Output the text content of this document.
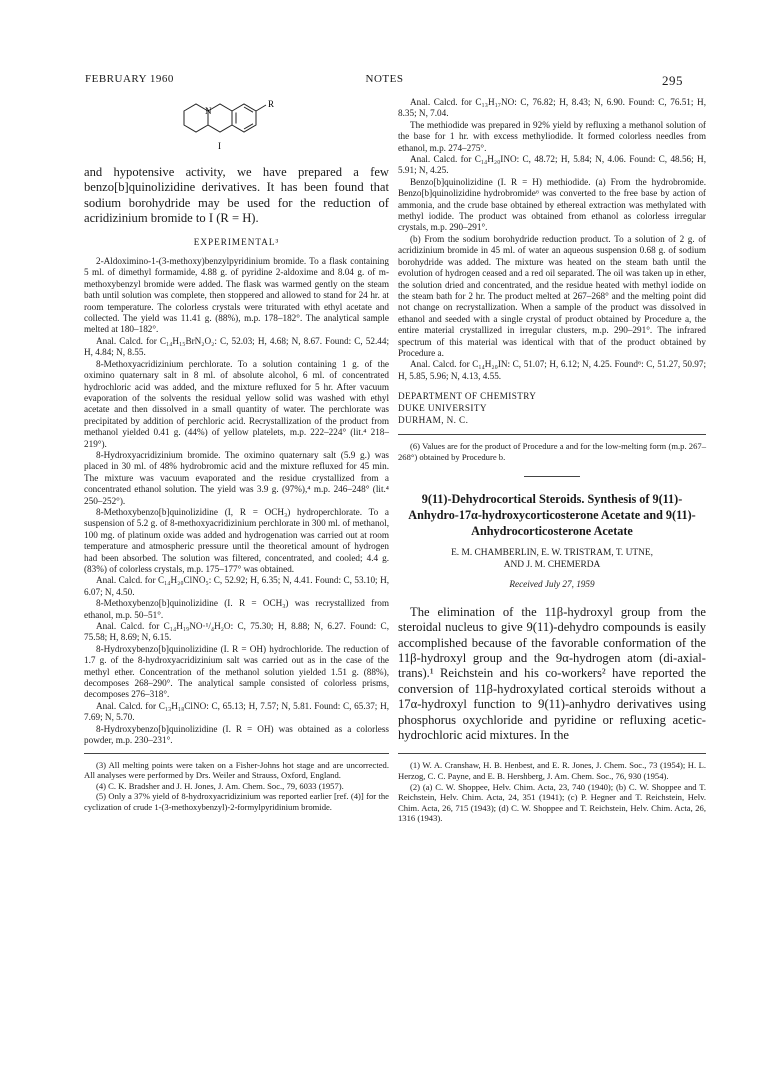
FEBRUARY 1960	NOTES	295
N
R
I

and hypotensive activity, we have prepared a few benzo[b]quinolizidine derivatives. It has been found that sodium borohydride may be used for the reduction of acridizinium bromide to I (R = H).

EXPERIMENTAL³

2-Aldoximino-1-(3-methoxy)benzylpyridinium bromide. To a flask containing 5 ml. of dimethyl formamide, 4.88 g. of pyridine 2-aldoxime and 8.04 g. of m-methoxybenzyl bromide were added. The flask was warmed gently on the steam bath until solution was complete, then stoppered and allowed to stand for 24 hr. at room temperature. The colorless crystals were triturated with ethyl acetate and collected. The yield was 11.41 g. (88%), m.p. 178–182°. The analytical sample melted at 180–182°.

Anal. Calcd. for C₁₄H₁₅BrN₂O₂: C, 52.03; H, 4.68; N, 8.67. Found: C, 52.44; H, 4.84; N, 8.55.

8-Methoxyacridizinium perchlorate. To a solution containing 1 g. of the oximino quaternary salt in 8 ml. of absolute alcohol, 6 ml. of concentrated hydrochloric acid was added, and the mixture refluxed for 5 hr. After vacuum evaporation of the solvents the residual yellow solid was washed with ethyl acetate and then dissolved in a small quantity of water. The perchlorate was precipitated by addition of perchloric acid. Recrystallization of the product from methanol yielded 0.41 g. (44%) of yellow platelets, m.p. 222–224° (lit.⁴ 218–219°).

8-Hydroxyacridizinium bromide. The oximino quaternary salt (5.9 g.) was placed in 30 ml. of 48% hydrobromic acid and the mixture refluxed for 45 min. The mixture was vacuum evaporated and the residue crystallized from a concentrated ethanol solution. The yield was 3.9 g. (97%),⁴ m.p. 246–248° (lit.⁴ 250–252°).

8-Methoxybenzo[b]quinolizidine (I, R = OCH₃) hydroperchlorate. To a suspension of 5.2 g. of 8-methoxyacridizinium perchlorate in 300 ml. of methanol, 100 mg. of platinum oxide was added and hydrogenation was carried out at room temperature and atmospheric pressure until the theoretical amount of hydrogen had been absorbed. The solution was filtered, concentrated, and cooled; 4.4 g. (83%) of colorless crystals, m.p. 175–177° was obtained.

Anal. Calcd. for C₁₄H₂₀ClNO₅: C, 52.92; H, 6.35; N, 4.41. Found: C, 53.10; H, 6.07; N, 4.50.

8-Methoxybenzo[b]quinolizidine (I. R = OCH₃) was recrystallized from ethanol, m.p. 50–51°.

Anal. Calcd. for C₁₄H₁₉NO·¹/₄H₂O: C, 75.30; H, 8.88; N, 6.27. Found: C, 75.58; H, 8.69; N, 6.15.

8-Hydroxybenzo[b]quinolizidine (I. R = OH) hydrochloride. The reduction of 1.7 g. of the 8-hydroxyacridizinium salt was carried out as in the case of the methyl ether. Concentration of the methanol solution yielded 1.51 g. (88%), decomposes 268–290°. The analytical sample consisted of colorless prisms, decomposes 276–318°.

Anal. Calcd. for C₁₃H₁₈ClNO: C, 65.13; H, 7.57; N, 5.81. Found: C, 65.37; H, 7.69; N, 5.70.

8-Hydroxybenzo[b]quinolizidine (I. R = OH) was obtained as a colorless powder, m.p. 230–231°.

(3) All melting points were taken on a Fisher-Johns hot stage and are uncorrected. All analyses were performed by Drs. Weiler and Strauss, Oxford, England.

(4) C. K. Bradsher and J. H. Jones, J. Am. Chem. Soc., 79, 6033 (1957).

(5) Only a 37% yield of 8-hydroxyacridizinium was reported earlier [ref. (4)] for the cyclization of crude 1-(3-methoxybenzyl)-2-formylpyridinium bromide.

Anal. Calcd. for C₁₃H₁₇NO: C, 76.82; H, 8.43; N, 6.90. Found: C, 76.51; H, 8.35; N, 7.04.

The methiodide was prepared in 92% yield by refluxing a methanol solution of the base for 1 hr. with excess methyliodide. It formed colorless needles from ethanol, m.p. 274–275°.

Anal. Calcd. for C₁₄H₂₀INO: C, 48.72; H, 5.84; N, 4.06. Found: C, 48.56; H, 5.91; N, 4.25.

Benzo[b]quinolizidine (I. R = H) methiodide. (a) From the hydrobromide. Benzo[b]quinolizidine hydrobromide⁶ was converted to the free base by action of ammonia, and the crude base obtained by ethereal extraction was methylated with methyl iodide. The product was obtained from ethanol as colorless irregular crystals, m.p. 290–291°.

(b) From the sodium borohydride reduction product. To a solution of 2 g. of acridizinium bromide in 45 ml. of water an aqueous suspension 0.68 g. of sodium borohydride was added. The mixture was heated on the steam bath until the evolution of hydrogen ceased and a red oil separated. The oil was taken up in ether, the solution dried and concentrated, and the residue heated with methyl iodide on the steam bath for 2 hr. The product melted at 267–268° and the melting point did not change on recrystallization. When a sample of the product was dissolved in ethanol and seeded with a single crystal of product obtained by Procedure a, the entire material crystallized in irregular clusters, m.p. 290–291°. The infrared spectrum of this material was identical with that of the product obtained by Procedure a.

Anal. Calcd. for C₁₄H₂₀IN: C, 51.07; H, 6.12; N, 4.25. Found⁶: C, 51.27, 50.97; H, 5.85, 5.96; N, 4.13, 4.55.

DEPARTMENT OF CHEMISTRY
DUKE UNIVERSITY
DURHAM, N. C.

(6) Values are for the product of Procedure a and for the low-melting form (m.p. 267–268°) obtained by Procedure b.

9(11)-Dehydrocortical Steroids. Synthesis of 9(11)-Anhydro-17α-hydroxycorticosterone Acetate and 9(11)-Anhydrocorticosterone Acetate
E. M. CHAMBERLIN, E. W. TRISTRAM, T. UTNE,
AND J. M. CHEMERDA
Received July 27, 1959

The elimination of the 11β-hydroxyl group from the steroidal nucleus to give 9(11)-dehydro compounds is easily accomplished because of the favorable conformation of the 11β-hydroxyl group and the 9α-hydrogen atom (di-axial-trans).¹ Reichstein and his co-workers² have reported the conversion of 11β-hydroxylated cortical steroids without a 17α-hydroxyl function to 9(11)-anhydro derivatives using phosphorus oxychloride and pyridine or refluxing acetic-hydrochloric acid mixtures. In the

(1) W. A. Cranshaw, H. B. Henbest, and E. R. Jones, J. Chem. Soc., 73 (1954); H. L. Herzog, C. C. Payne, and E. B. Hershberg, J. Am. Chem. Soc., 76, 930 (1954).

(2) (a) C. W. Shoppee, Helv. Chim. Acta, 23, 740 (1940); (b) C. W. Shoppee and T. Reichstein, Helv. Chim. Acta, 24, 351 (1941); (c) P. Hegner and T. Reichstein, Helv. Chim. Acta, 26, 715 (1943); (d) C. W. Shoppee and T. Reichstein, Helv. Chim. Acta, 26, 1316 (1943).
